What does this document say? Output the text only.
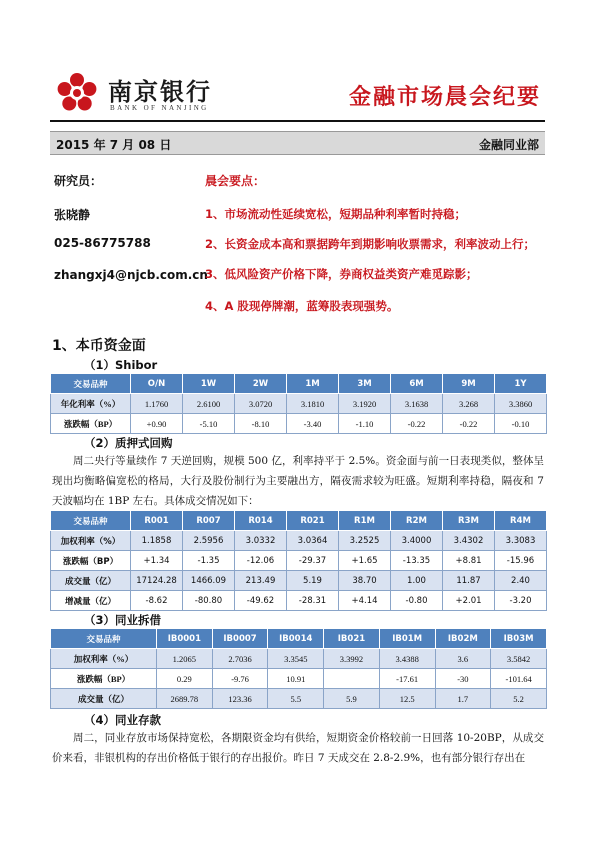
南京银行
BANK OF NANJING	金融市场晨会纪要
2015 年 7 月 08 日	金融同业部
研究员：
张晓静
025-86775788
zhangxj4@njcb.com.cn
晨会要点：
1、市场流动性延续宽松，短期品种利率暂时持稳；
2、长资金成本高和票据跨年到期影响收票需求，利率波动上行；
3、低风险资产价格下降，券商权益类资产难觅踪影；
4、A 股现停牌潮，蓝筹股表现强势。
1、本币资金面
（1）Shibor
交易品种	O/N	1W	2W	1M	3M	6M	9M	1Y
年化利率（%）	1.1760	2.6100	3.0720	3.1810	3.1920	3.1638	3.268	3.3860
涨跌幅（BP）	+0.90	-5.10	-8.10	-3.40	-1.10	-0.22	-0.22	-0.10
（2）质押式回购
周二央行等量续作 7 天逆回购，规模 500 亿，利率持平于 2.5%。资金面与前一日表现类似，整体呈现出均衡略偏宽松的格局，大行及股份制行为主要融出方，隔夜需求较为旺盛。短期利率持稳，隔夜和 7 天波幅均在 1BP 左右。具体成交情况如下：
交易品种	R001	R007	R014	R021	R1M	R2M	R3M	R4M
加权利率（%）	1.1858	2.5956	3.0332	3.0364	3.2525	3.4000	3.4302	3.3083
涨跌幅（BP）	+1.34	-1.35	-12.06	-29.37	+1.65	-13.35	+8.81	-15.96
成交量（亿）	17124.28	1466.09	213.49	5.19	38.70	1.00	11.87	2.40
增减量（亿）	-8.62	-80.80	-49.62	-28.31	+4.14	-0.80	+2.01	-3.20
（3）同业拆借
交易品种	IB0001	IB0007	IB0014	IB021	IB01M	IB02M	IB03M
加权利率（%）	1.2065	2.7036	3.3545	3.3992	3.4388	3.6	3.5842
涨跌幅（BP）	0.29	-9.76	10.91		-17.61	-30	-101.64
成交量（亿）	2689.78	123.36	5.5	5.9	12.5	1.7	5.2
（4）同业存款
周二，同业存放市场保持宽松，各期限资金均有供给，短期资金价格较前一日回落 10-20BP，从成交价来看，非银机构的存出价格低于银行的存出报价。昨日 7 天成交在 2.8-2.9%，也有部分银行存出在
